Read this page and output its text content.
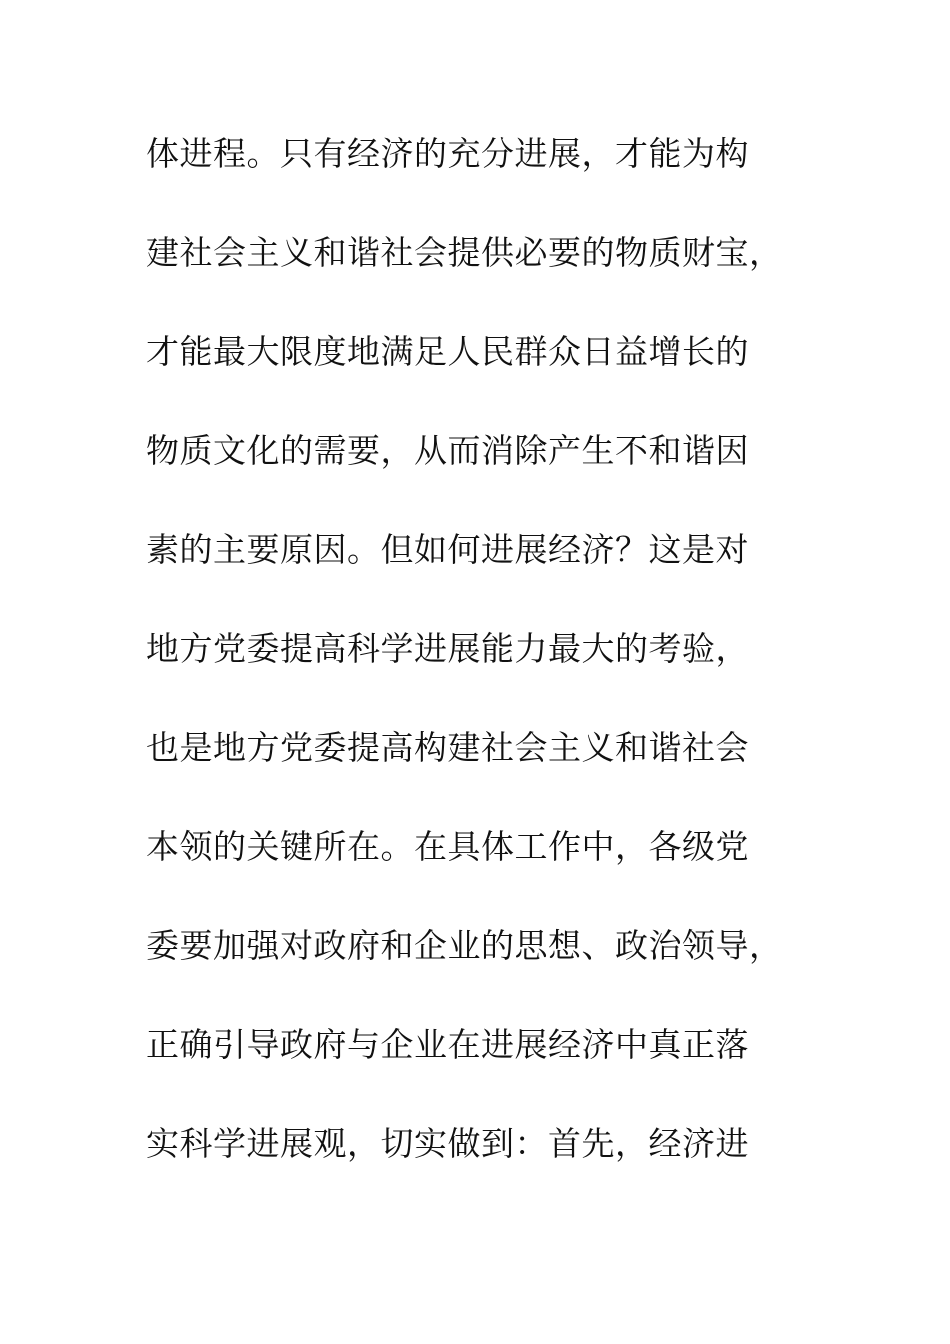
体进程。只有经济的充分进展，才能为构
建社会主义和谐社会提供必要的物质财宝，
才能最大限度地满足人民群众日益增长的
物质文化的需要，从而消除产生不和谐因
素的主要原因。但如何进展经济？这是对
地方党委提高科学进展能力最大的考验，
也是地方党委提高构建社会主义和谐社会
本领的关键所在。在具体工作中，各级党
委要加强对政府和企业的思想、政治领导，
正确引导政府与企业在进展经济中真正落
实科学进展观，切实做到：首先，经济进
